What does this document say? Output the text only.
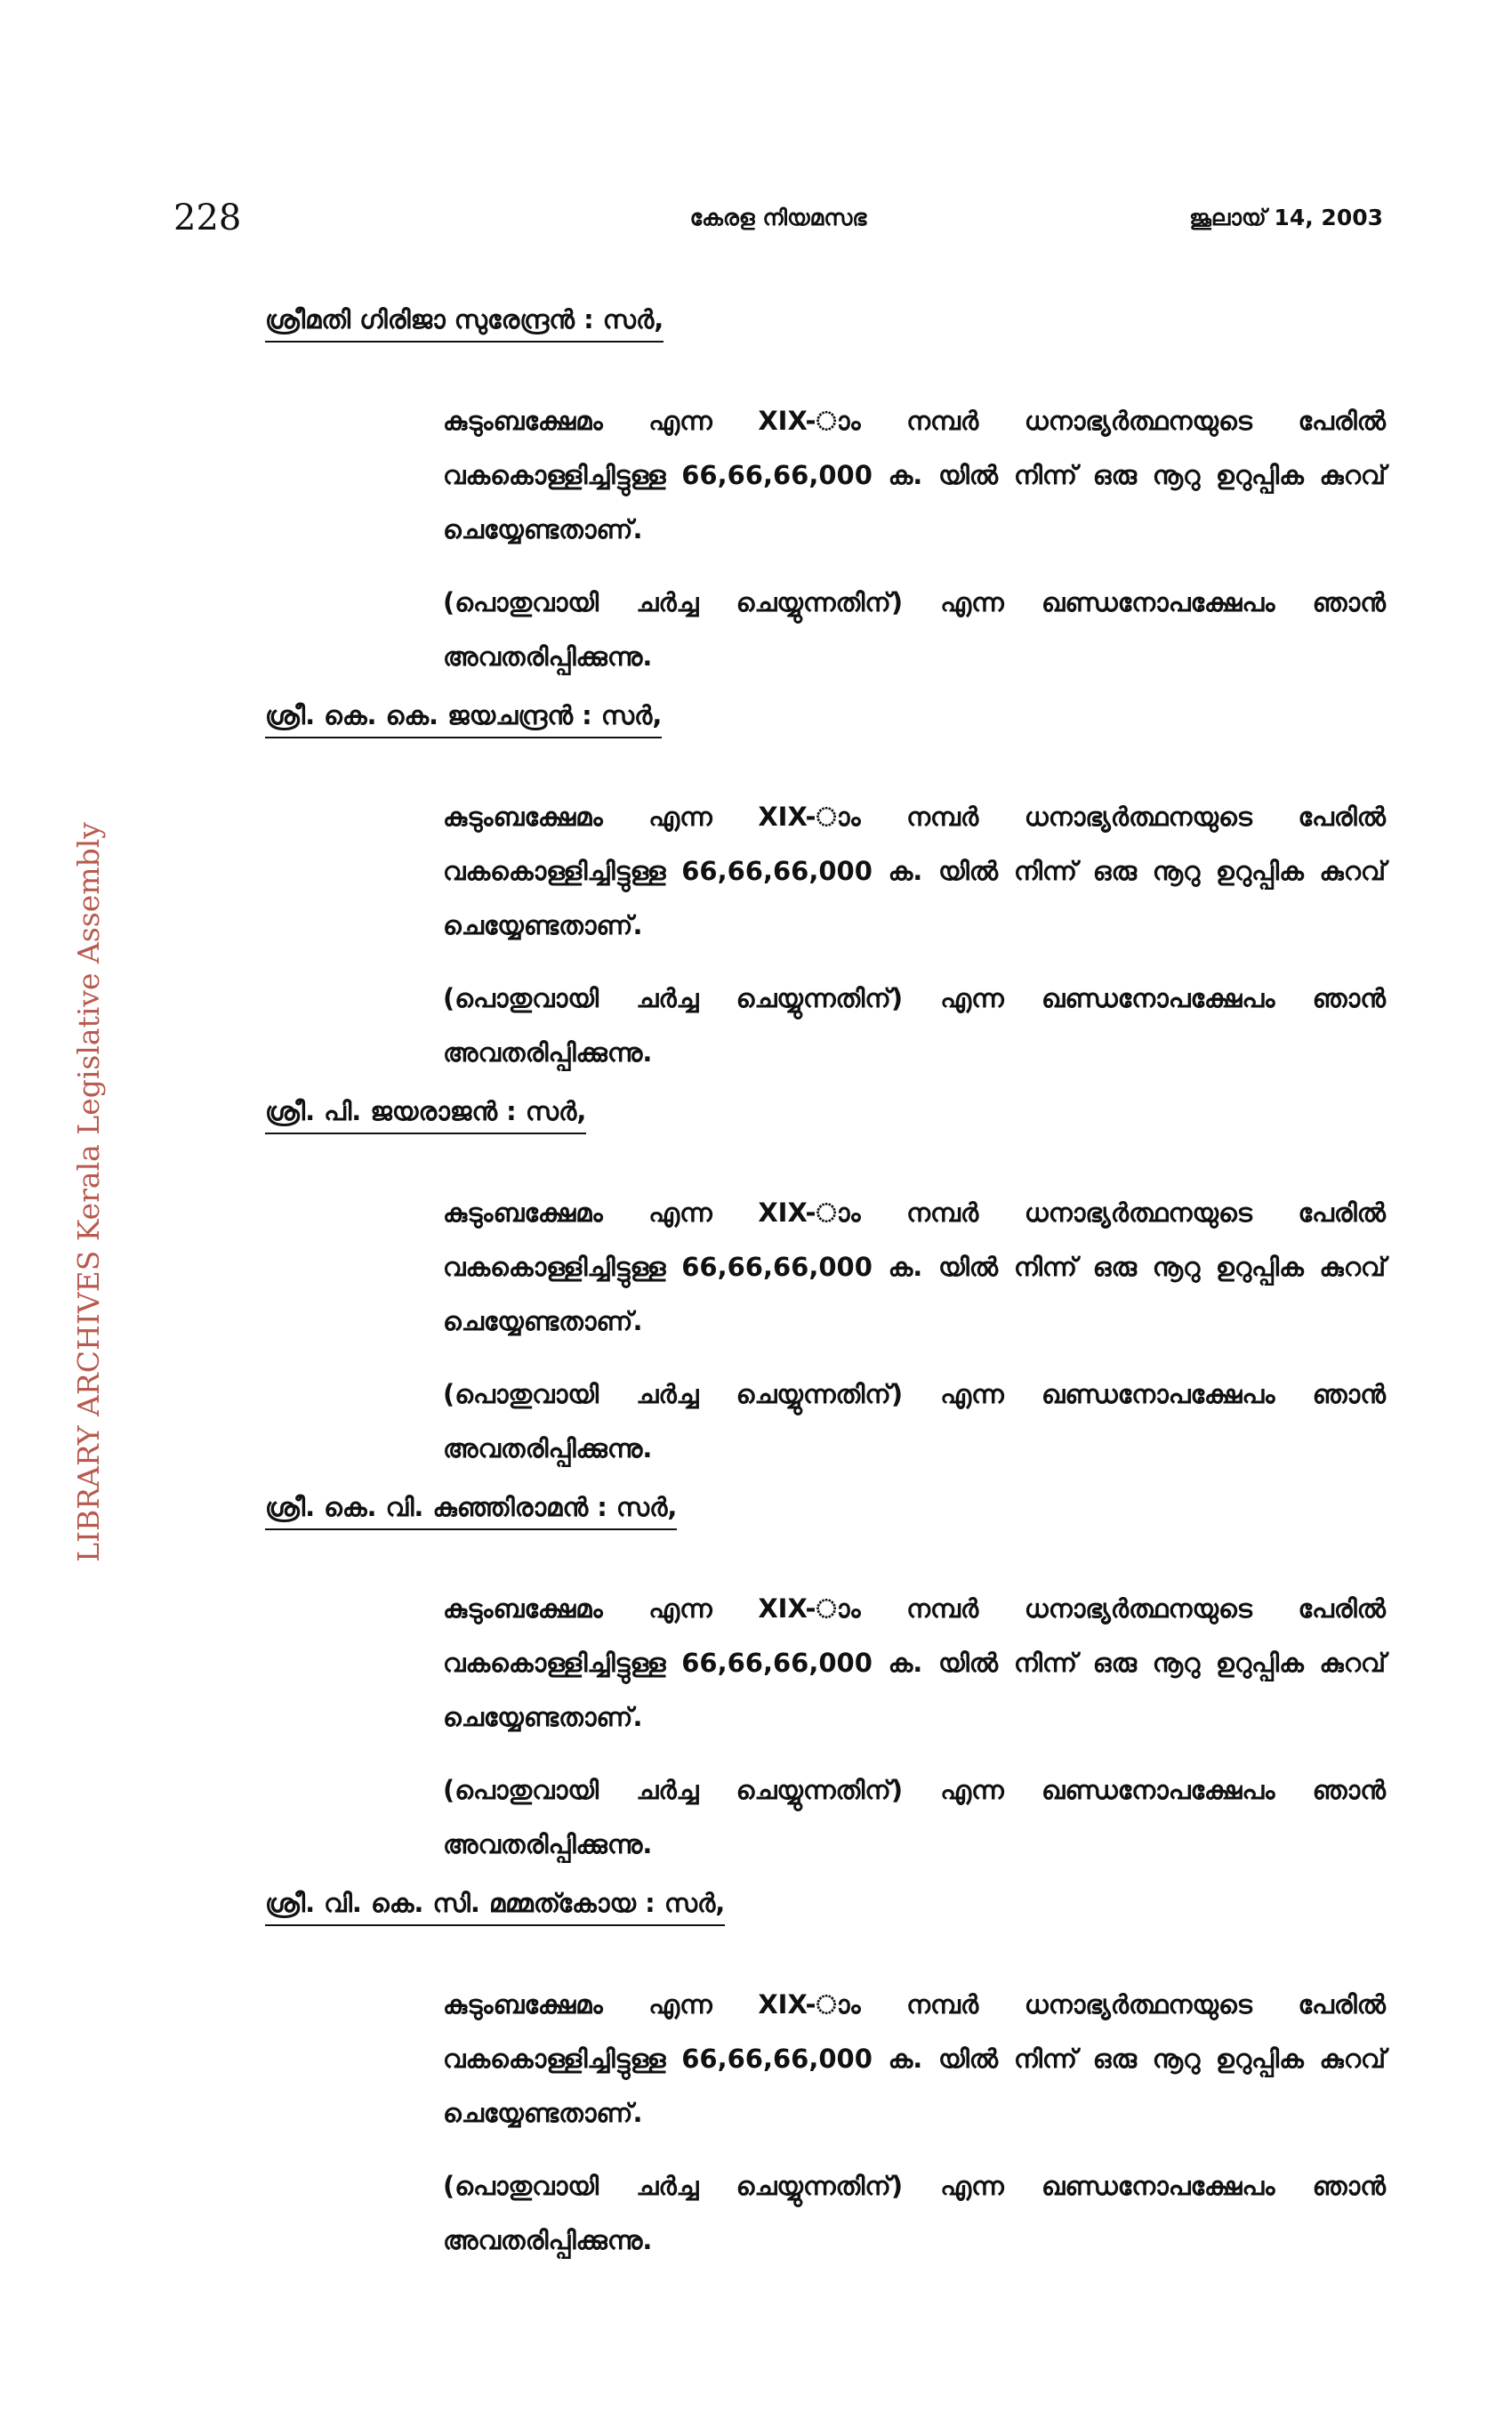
228	കേരള നിയമസഭ	ജൂലായ് 14, 2003
LIBRARY ARCHIVES Kerala Legislative Assembly
ശ്രീമതി ഗിരിജാ സുരേന്ദ്രൻ : സർ,

കുടുംബക്ഷേമം എന്ന XIX-ാം നമ്പർ ധനാഭ്യർത്ഥനയുടെ പേരിൽ വകകൊള്ളിച്ചിട്ടുള്ള 66,66,66,000 ക. യിൽ നിന്ന് ഒരു നൂറു ഉറുപ്പിക കുറവ് ചെയ്യേണ്ടതാണ്.

(പൊതുവായി ചർച്ച ചെയ്യുന്നതിന്) എന്ന ഖണ്ഡനോപക്ഷേപം ഞാൻ അവതരിപ്പിക്കുന്നു.

ശ്രീ. കെ. കെ. ജയചന്ദ്രൻ : സർ,

കുടുംബക്ഷേമം എന്ന XIX-ാം നമ്പർ ധനാഭ്യർത്ഥനയുടെ പേരിൽ വകകൊള്ളിച്ചിട്ടുള്ള 66,66,66,000 ക. യിൽ നിന്ന് ഒരു നൂറു ഉറുപ്പിക കുറവ് ചെയ്യേണ്ടതാണ്.

(പൊതുവായി ചർച്ച ചെയ്യുന്നതിന്) എന്ന ഖണ്ഡനോപക്ഷേപം ഞാൻ അവതരിപ്പിക്കുന്നു.

ശ്രീ. പി. ജയരാജൻ : സർ,

കുടുംബക്ഷേമം എന്ന XIX-ാം നമ്പർ ധനാഭ്യർത്ഥനയുടെ പേരിൽ വകകൊള്ളിച്ചിട്ടുള്ള 66,66,66,000 ക. യിൽ നിന്ന് ഒരു നൂറു ഉറുപ്പിക കുറവ് ചെയ്യേണ്ടതാണ്.

(പൊതുവായി ചർച്ച ചെയ്യുന്നതിന്) എന്ന ഖണ്ഡനോപക്ഷേപം ഞാൻ അവതരിപ്പിക്കുന്നു.

ശ്രീ. കെ. വി. കുഞ്ഞിരാമൻ : സർ,

കുടുംബക്ഷേമം എന്ന XIX-ാം നമ്പർ ധനാഭ്യർത്ഥനയുടെ പേരിൽ വകകൊള്ളിച്ചിട്ടുള്ള 66,66,66,000 ക. യിൽ നിന്ന് ഒരു നൂറു ഉറുപ്പിക കുറവ് ചെയ്യേണ്ടതാണ്.

(പൊതുവായി ചർച്ച ചെയ്യുന്നതിന്) എന്ന ഖണ്ഡനോപക്ഷേപം ഞാൻ അവതരിപ്പിക്കുന്നു.

ശ്രീ. വി. കെ. സി. മമ്മത്കോയ : സർ,

കുടുംബക്ഷേമം എന്ന XIX-ാം നമ്പർ ധനാഭ്യർത്ഥനയുടെ പേരിൽ വകകൊള്ളിച്ചിട്ടുള്ള 66,66,66,000 ക. യിൽ നിന്ന് ഒരു നൂറു ഉറുപ്പിക കുറവ് ചെയ്യേണ്ടതാണ്.

(പൊതുവായി ചർച്ച ചെയ്യുന്നതിന്) എന്ന ഖണ്ഡനോപക്ഷേപം ഞാൻ അവതരിപ്പിക്കുന്നു.
